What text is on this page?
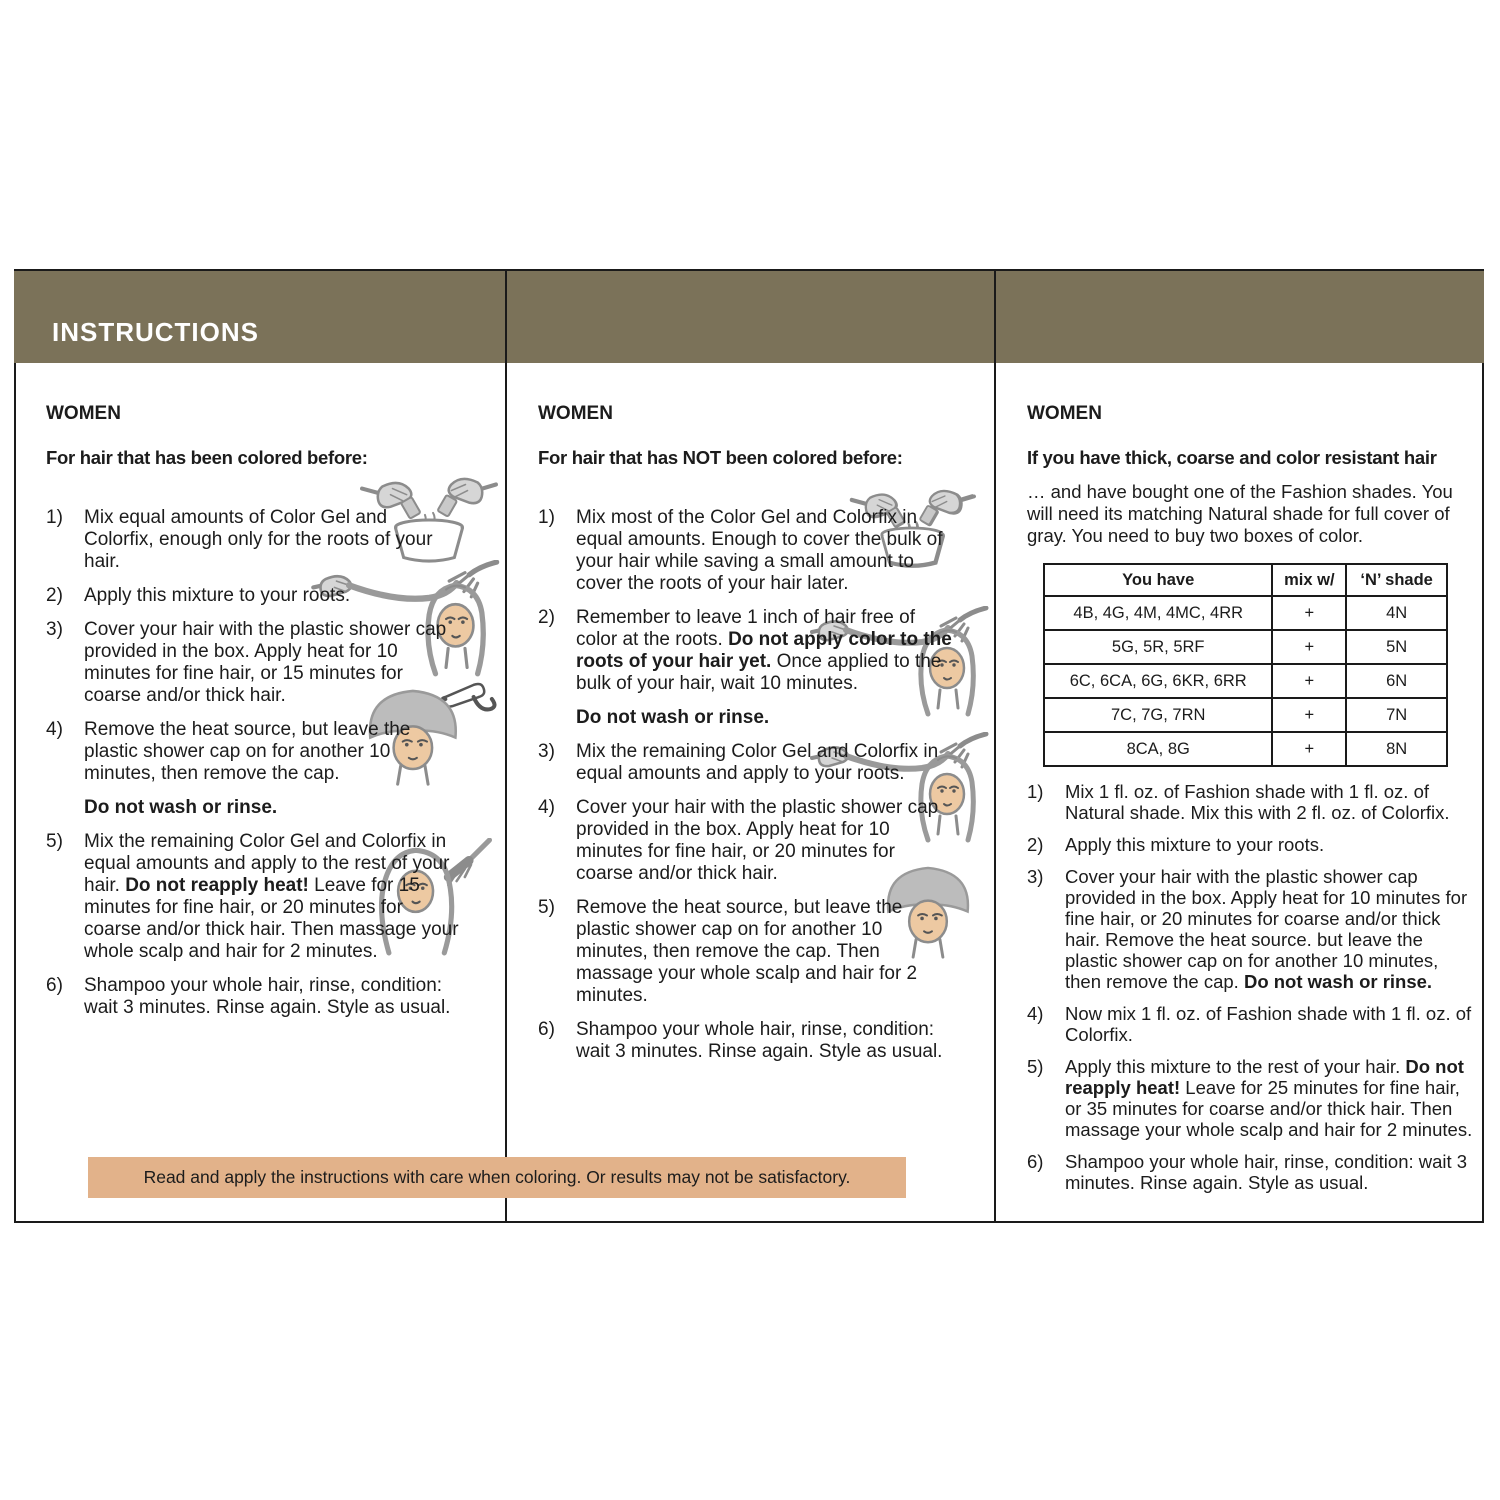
INSTRUCTIONS
WOMEN
For hair that has been colored before:
1)	Mix equal amounts of Color Gel and Colorfix, enough only for the roots of your hair.
2)	Apply this mixture to your roots.
3)	Cover your hair with the plastic shower cap provided in the box. Apply heat for 10 minutes for fine hair, or 15 minutes for coarse and/or thick hair.
4)	Remove the heat source, but leave the plastic shower cap on for another 10 minutes, then remove the cap.
Do not wash or rinse.
5)	Mix the remaining Color Gel and Colorfix in equal amounts and apply to the rest of your hair. Do not reapply heat! Leave for 15 minutes for fine hair, or 20 minutes for coarse and/or thick hair. Then massage your whole scalp and hair for 2 minutes.
6)	Shampoo your whole hair, rinse, condition: wait 3 minutes. Rinse again. Style as usual.
WOMEN
For hair that has NOT been colored before:
1)	Mix most of the Color Gel and Colorfix in equal amounts. Enough to cover the bulk of your hair while saving a small amount to cover the roots of your hair later.
2)	Remember to leave 1 inch of hair free of color at the roots. Do not apply color to the roots of your hair yet. Once applied to the bulk of your hair, wait 10 minutes.
Do not wash or rinse.
3)	Mix the remaining Color Gel and Colorfix in equal amounts and apply to your roots.
4)	Cover your hair with the plastic shower cap provided in the box. Apply heat for 10 minutes for fine hair, or 20 minutes for coarse and/or thick hair.
5)	Remove the heat source, but leave the plastic shower cap on for another 10 minutes, then remove the cap. Then massage your whole scalp and hair for 2 minutes.
6)	Shampoo your whole hair, rinse, condition: wait 3 minutes. Rinse again. Style as usual.
WOMEN
If you have thick, coarse and color resistant hair
… and have bought one of the Fashion shades. You will need its matching Natural shade for full cover of gray. You need to buy two boxes of color.
You have	mix w/	‘N’ shade
4B, 4G, 4M, 4MC, 4RR	+	4N
5G, 5R, 5RF	+	5N
6C, 6CA, 6G, 6KR, 6RR	+	6N
7C, 7G, 7RN	+	7N
8CA, 8G	+	8N
1)	Mix 1 fl. oz. of Fashion shade with 1 fl. oz. of Natural shade. Mix this with 2 fl. oz. of Colorfix.
2)	Apply this mixture to your roots.
3)	Cover your hair with the plastic shower cap provided in the box. Apply heat for 10 minutes for fine hair, or 20 minutes for coarse and/or thick hair. Remove the heat source. but leave the plastic shower cap on for another 10 minutes, then remove the cap. Do not wash or rinse.
4)	Now mix 1 fl. oz. of Fashion shade with 1 fl. oz. of Colorfix.
5)	Apply this mixture to the rest of your hair. Do not reapply heat! Leave for 25 minutes for fine hair, or 35 minutes for coarse and/or thick hair. Then massage your whole scalp and hair for 2 minutes.
6)	Shampoo your whole hair, rinse, condition: wait 3 minutes. Rinse again. Style as usual.
Read and apply the instructions with care when coloring. Or results may not be satisfactory.
